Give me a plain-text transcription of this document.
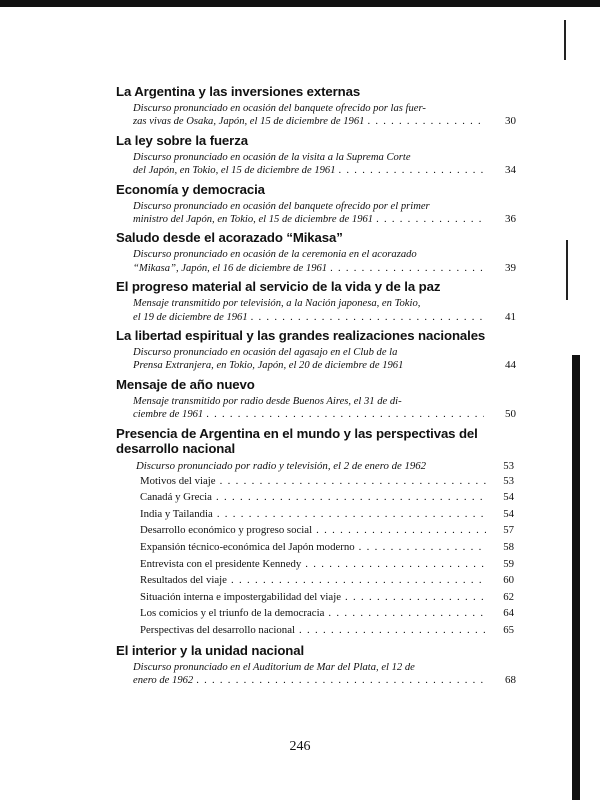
La Argentina y las inversiones externas
Discurso pronunciado en ocasión del banquete ofrecido por las fuer-
zas vivas de Osaka, Japón, el 15 de diciembre de 1961 . . .	30
La ley sobre la fuerza
Discurso pronunciado en ocasión de la visita a la Suprema Corte
del Japón, en Tokio, el 15 de diciembre de 1961 . . .	34
Economía y democracia
Discurso pronunciado en ocasión del banquete ofrecido por el primer
ministro del Japón, en Tokio, el 15 de diciembre de 1961 . . .	36
Saludo desde el acorazado “Mikasa”
Discurso pronunciado en ocasión de la ceremonia en el acorazado
“Mikasa”, Japón, el 16 de diciembre de 1961 . . .	39
El progreso material al servicio de la vida y de la paz
Mensaje transmitido por televisión, a la Nación japonesa, en Tokio,
el 19 de diciembre de 1961 . . .	41
La libertad espiritual y las grandes realizaciones nacionales
Discurso pronunciado en ocasión del agasajo en el Club de la
Prensa Extranjera, en Tokio, Japón, el 20 de diciembre de 1961	44
Mensaje de año nuevo
Mensaje transmitido por radio desde Buenos Aires, el 31 de di-
ciembre de 1961 . . .	50
Presencia de Argentina en el mundo y las perspectivas del desarrollo nacional
Discurso pronunciado por radio y televisión, el 2 de enero de 1962	53
Motivos del viaje . . .	53
Canadá y Grecia . . .	54
India y Tailandia . . .	54
Desarrollo económico y progreso social . . .	57
Expansión técnico-económica del Japón moderno . . .	58
Entrevista con el presidente Kennedy . . .	59
Resultados del viaje . . .	60
Situación interna e impostergabilidad del viaje . . .	62
Los comicios y el triunfo de la democracia . . .	64
Perspectivas del desarrollo nacional . . .	65
El interior y la unidad nacional
Discurso pronunciado en el Auditorium de Mar del Plata, el 12 de
enero de 1962 . . .	68
246
